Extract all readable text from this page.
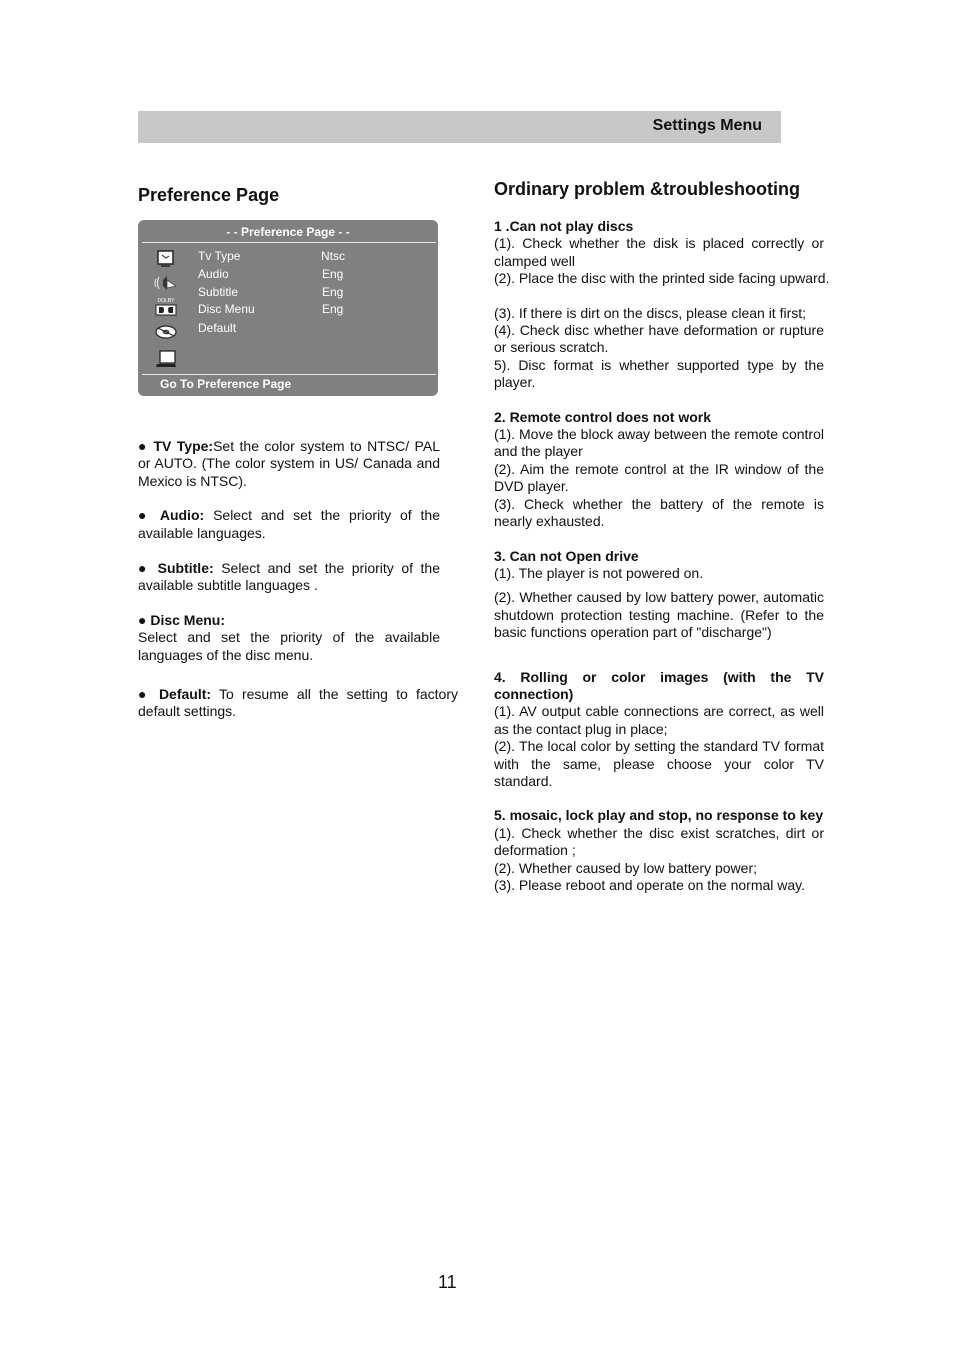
Settings Menu
Preference Page
- - Preference Page - -
DOLBY
Tv Type	Ntsc
Audio	Eng
Subtitle	Eng
Disc Menu	Eng
Default
Go To Preference Page

● TV Type:Set the color system to NTSC/ PAL or AUTO. (The color system in US/ Canada and Mexico is NTSC).

● Audio: Select and set the priority of the available languages.

● Subtitle: Select and set the priority of the available subtitle languages .

● Disc Menu:

Select and set the priority of the available languages of the disc menu.

● Default: To resume all the setting to factory default settings.

Ordinary problem &troubleshooting

1 .Can not play discs

(1). Check whether the disk is placed correctly or clamped well

(2). Place the disc with the printed side facing upward.

(3). If there is dirt on the discs, please clean it first;

(4). Check disc whether have deformation or rupture or serious scratch.

5). Disc format is whether supported type by the player.

2. Remote control does not work

(1). Move the block away between the remote control and the player

(2). Aim the remote control at the IR window of the DVD player.

(3). Check whether the battery of the remote is nearly exhausted.

3. Can not Open drive

(1). The player is not powered on.

(2). Whether caused by low battery power, automatic shutdown protection testing machine. (Refer to the basic functions operation part of "discharge")

4. Rolling or color images (with the TV connection)

(1). AV output cable connections are correct, as well as the contact plug in place;

(2). The local color by setting the standard TV format with the same, please choose your color TV standard.

5. mosaic, lock play and stop, no response to key

(1). Check whether the disc exist scratches, dirt or deformation ;

(2). Whether caused by low battery power;

(3). Please reboot and operate on the normal way.

11
